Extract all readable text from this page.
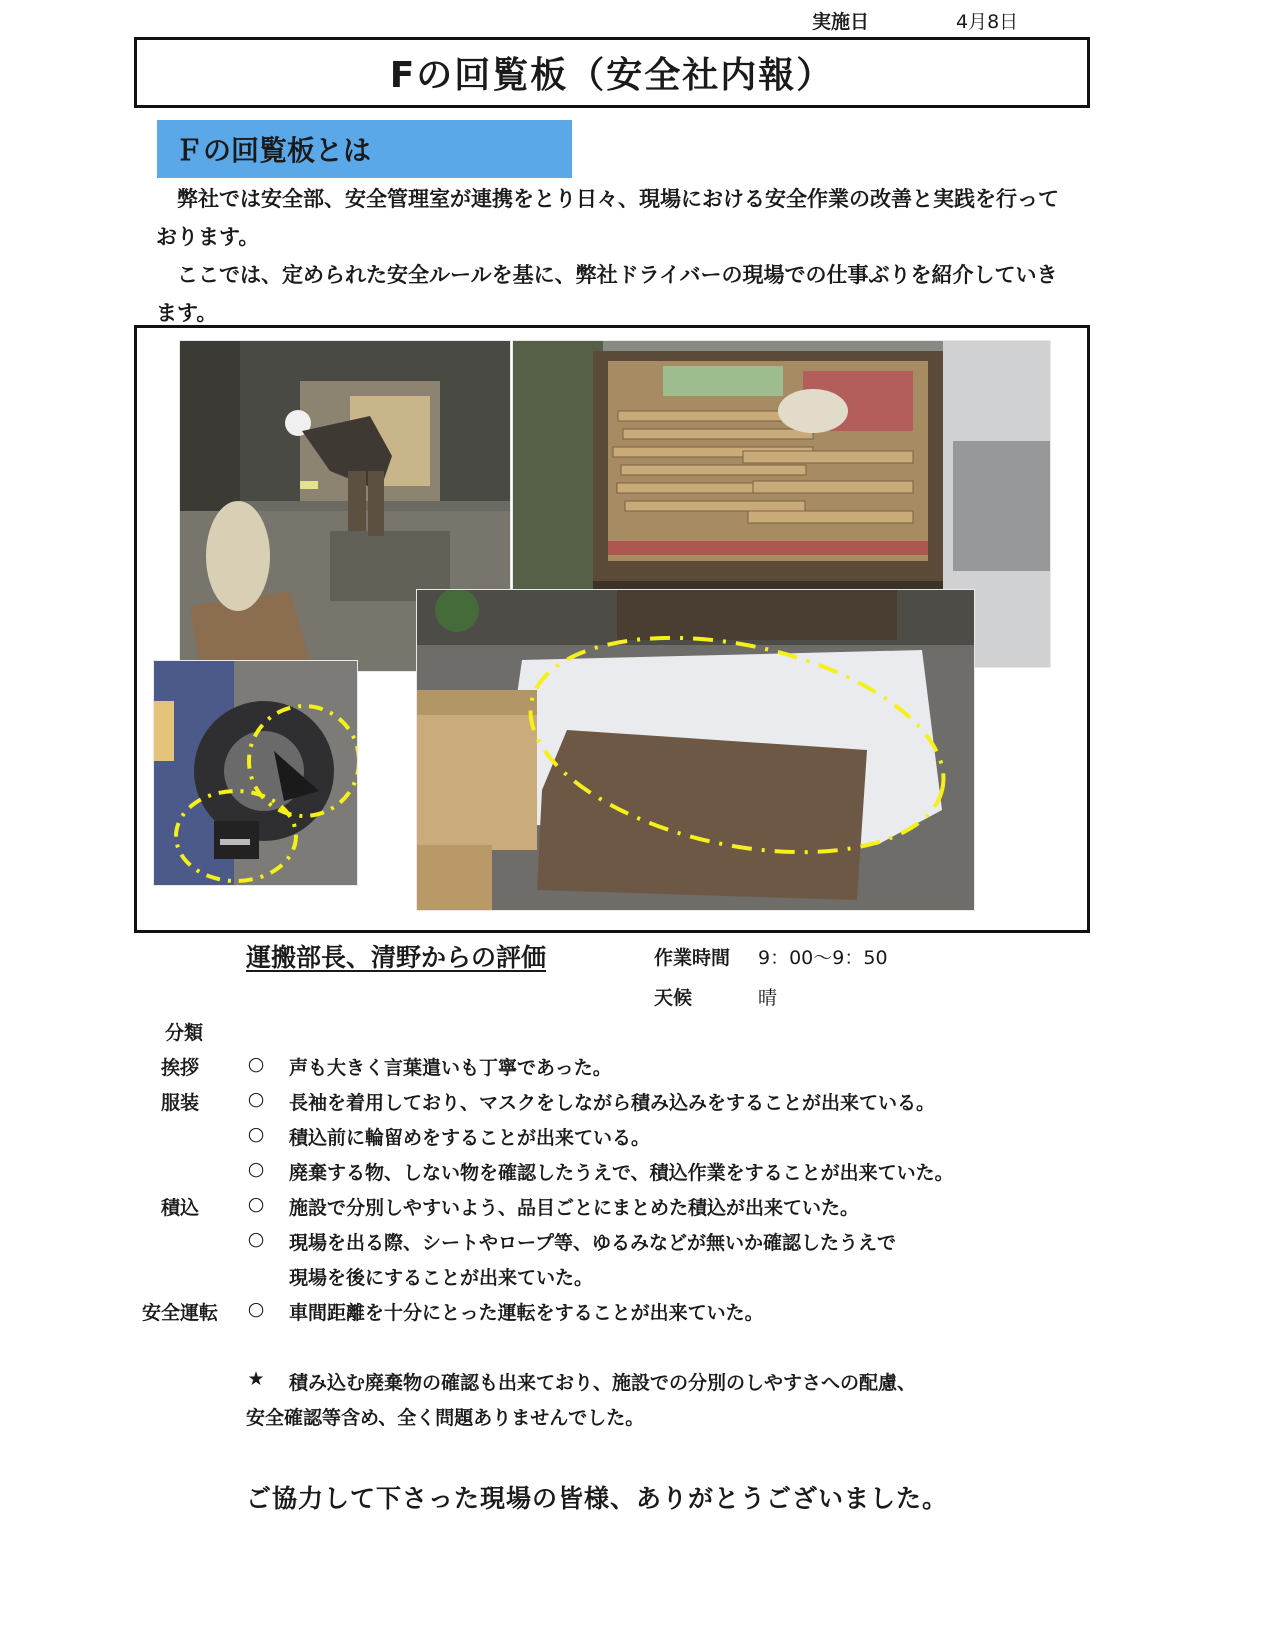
実施日	4月8日
Fの回覧板（安全社内報）
Ｆの回覧板とは

　弊社では安全部、安全管理室が連携をとり日々、現場における安全作業の改善と実践を行っております。

　ここでは、定められた安全ルールを基に、弊社ドライバーの現場での仕事ぶりを紹介していきます。

運搬部長、清野からの評価	作業時間 9：00～9：50
天候	晴
分類
挨拶	○ 声も大きく言葉遣いも丁寧であった。
服装	○ 長袖を着用しており、マスクをしながら積み込みをすることが出来ている。
○ 積込前に輪留めをすることが出来ている。
○ 廃棄する物、しない物を確認したうえで、積込作業をすることが出来ていた。
積込	○ 施設で分別しやすいよう、品目ごとにまとめた積込が出来ていた。
○ 現場を出る際、シートやロープ等、ゆるみなどが無いか確認したうえで
現場を後にすることが出来ていた。
安全運転	○ 車間距離を十分にとった運転をすることが出来ていた。
★ 積み込む廃棄物の確認も出来ており、施設での分別のしやすさへの配慮、
安全確認等含め、全く問題ありませんでした。
ご協力して下さった現場の皆様、ありがとうございました。
